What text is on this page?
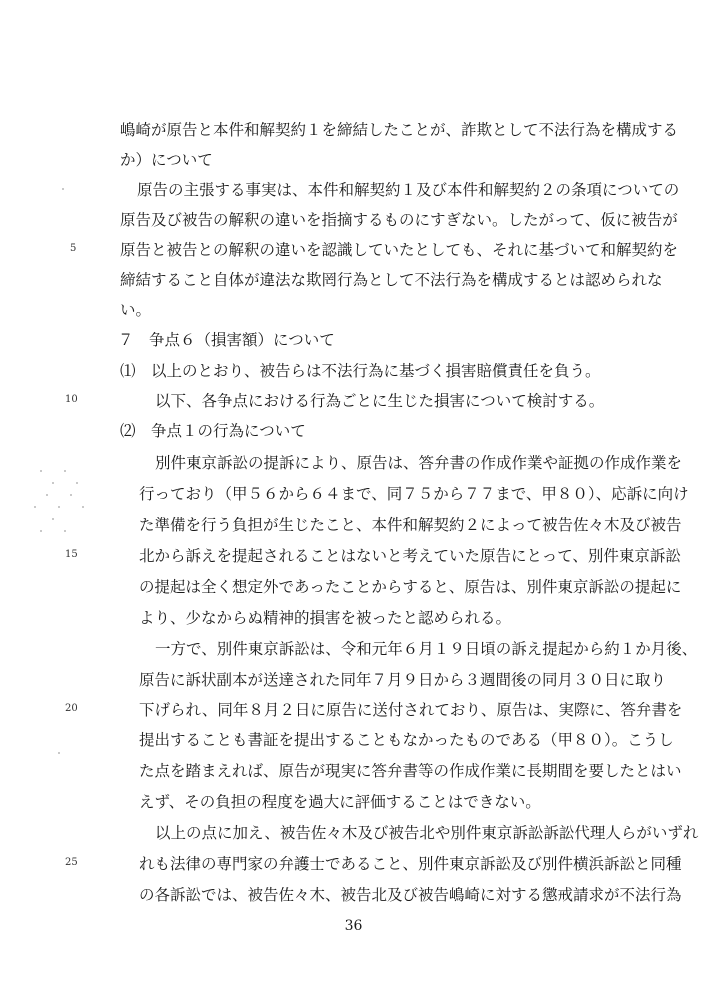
嶋崎が原告と本件和解契約１を締結したことが、詐欺として不法行為を構成する
か）について
原告の主張する事実は、本件和解契約１及び本件和解契約２の条項についての
原告及び被告の解釈の違いを指摘するものにすぎない。したがって、仮に被告が
原告と被告との解釈の違いを認識していたとしても、それに基づいて和解契約を
締結すること自体が違法な欺罔行為として不法行為を構成するとは認められな
い。
７　争点６（損害額）について
⑴　以上のとおり、被告らは不法行為に基づく損害賠償責任を負う。
以下、各争点における行為ごとに生じた損害について検討する。
⑵　争点１の行為について
別件東京訴訟の提訴により、原告は、答弁書の作成作業や証拠の作成作業を
行っており（甲５６から６４まで、同７５から７７まで、甲８０）、応訴に向け
た準備を行う負担が生じたこと、本件和解契約２によって被告佐々木及び被告
北から訴えを提起されることはないと考えていた原告にとって、別件東京訴訟
の提起は全く想定外であったことからすると、原告は、別件東京訴訟の提起に
より、少なからぬ精神的損害を被ったと認められる。
一方で、別件東京訴訟は、令和元年６月１９日頃の訴え提起から約１か月後、
原告に訴状副本が送達された同年７月９日から３週間後の同月３０日に取り
下げられ、同年８月２日に原告に送付されており、原告は、実際に、答弁書を
提出することも書証を提出することもなかったものである（甲８０）。こうし
た点を踏まえれば、原告が現実に答弁書等の作成作業に長期間を要したとはい
えず、その負担の程度を過大に評価することはできない。
以上の点に加え、被告佐々木及び被告北や別件東京訴訟訴訟代理人らがいずれ
れも法律の専門家の弁護士であること、別件東京訴訟及び別件横浜訴訟と同種
の各訴訟では、被告佐々木、被告北及び被告嶋崎に対する懲戒請求が不法行為
5
10
15
20
25
36
